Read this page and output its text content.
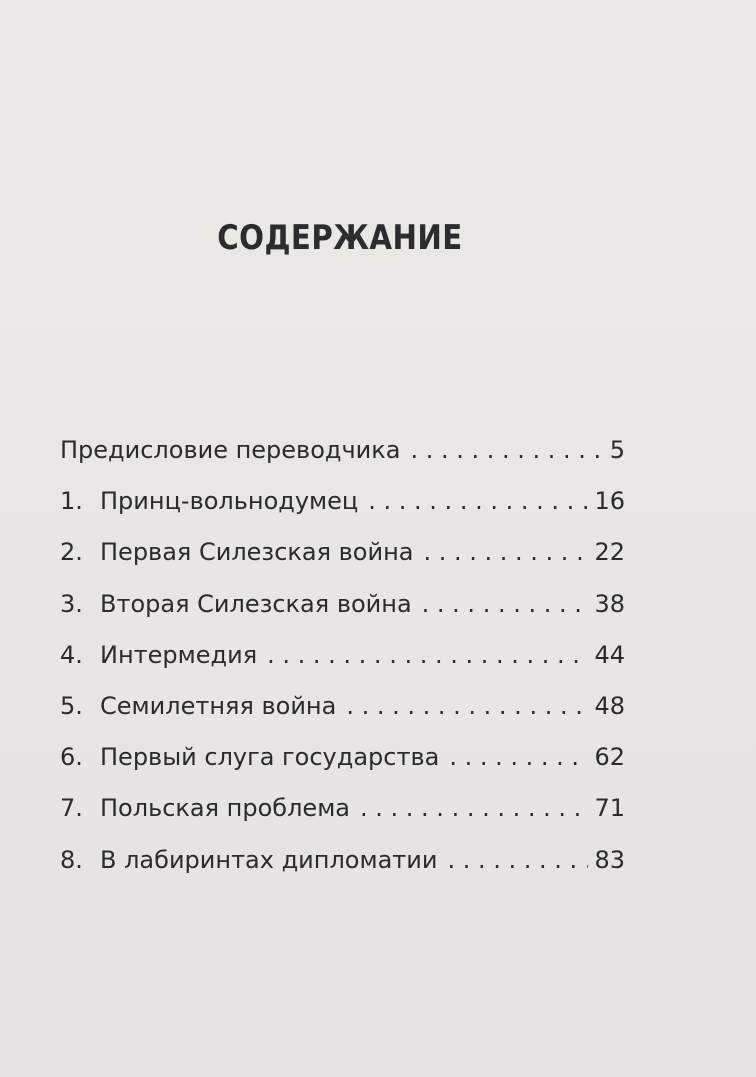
СОДЕРЖАНИЕ
Предисловие переводчика . . .	5
1. Принц-вольнодумец . . .	16
2. Первая Силезская война . . .	22
3. Вторая Силезская война . . .	38
4. Интермедия . . .	44
5. Семилетняя война . . .	48
6. Первый слуга государства . . .	62
7. Польская проблема . . .	71
8. В лабиринтах дипломатии . . .	83
